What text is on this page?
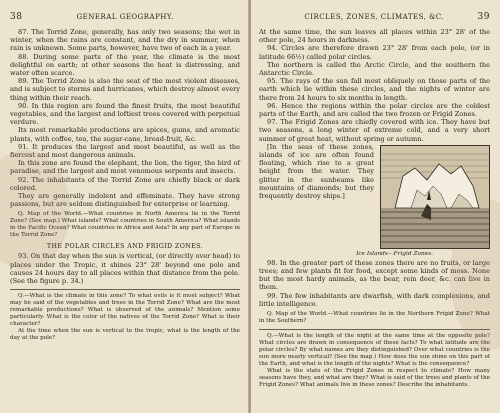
38	GENERAL GEOGRAPHY.

87. The Torrid Zone, generally, has only two seasons; the wet in winter, when the rains are constant, and the dry in summer, when rain is unknown. Some parts, however, have two of each in a year.

88. During some parts of the year, the climate is the most delightful on earth; at other seasons the heat is distressing, and water often scarce.

89. The Torrid Zone is also the seat of the most violent diseases, and is subject to storms and hurricanes, which destroy almost every thing within their reach.

90. In this region are found the finest fruits, the most beautiful vegetables, and the largest and loftiest trees covered with perpetual verdure.

Its most remarkable productions are spices, gums, and aromatic plants, with coffee, tea, the sugar-cane, bread-fruit, &c.

91. It produces the largest and most beautiful, as well as the fiercest and most dangerous animals.

In this zone are found the elephant, the lion, the tiger, the bird of paradise, and the largest and most venomous serpents and insects.

92. The inhabitants of the Torrid Zone are chiefly black or dark colored.

They are generally indolent and effeminate. They have strong passions, but are seldom distinguished for enterprise or learning.

Q. Map of the World.—What countries in North America lie in the Torrid Zone? (See map.) What islands? What countries in South America? What islands in the Pacific Ocean? What countries in Africa and Asia? In any part of Europe in the Torrid Zone?

THE POLAR CIRCLES AND FRIGID ZONES.

93. On that day when the sun is vertical, (or directly over head) to places under the Tropic, it shines 23° 28' beyond one pole and causes 24 hours day to all places within that distance from the pole. (See the figure p. 34.)

Q.—What is the climate in this zone? To what evils is it most subject? What may be said of the vegetables and trees in the Torrid Zone? What are the most remarkable productions? What is observed of the animals? Mention some particularly. What is the color of the natives of the Torrid Zone? What is their character?

At the time when the sun is vertical to the tropic, what is the length of the day at the pole?

CIRCLES, ZONES, CLIMATES, &C.	39

At the same time, the sun leaves all places within 23° 28' of the other pole, 24 hours in darkness.

94. Circles are therefore drawn 23° 28' from each pole, (or in latitude 66½) called polar circles.

The northern is called the Arctic Circle, and the southern the Antarctic Circle.

95. The rays of the sun fall most obliquely on those parts of the earth which lie within these circles, and the nights of winter are there from 24 hours to six months in length.

96. Hence the regions within the polar circles are the coldest parts of the Earth, and are called the two frozen or Frigid Zones.

97. The Frigid Zones are chiefly covered with ice. They have but two seasons, a long winter of extreme cold, and a very short summer of great heat, without spring or autumn.

[In the seas of these zones, islands of ice are often found floating, which rise to a great height from the water. They glitter in the sunbeams like mountains of diamonds; but they frequently destroy ships.]

Ice Islands—Frigid Zones.

98. In the greater part of these zones there are no fruits, or large trees; and few plants fit for food, except some kinds of moss. None but the most hardy animals, as the bear, rein deer, &c. can live in them.

99. The few inhabitants are dwarfish, with dark complexions, and little intelligence.

Q. Map of the World.—What countries lie in the Northern Frigid Zone? What in the Southern?

Q.—What is the length of the night at the same time at the opposite pole? What circles are drawn in consequence of these facts? To what latitude are the polar circles? By what names are they distinguished? Over what countries is the sun more nearly vertical? (See the map.) How does the sun shine on this part of the Earth, and what is the length of the nights? What is the consequence?

What is the state of the Frigid Zones in respect to climate? How many seasons have they, and what are they? What is said of the trees and plants of the Frigid Zones? What animals live in these zones? Describe the inhabitants.
